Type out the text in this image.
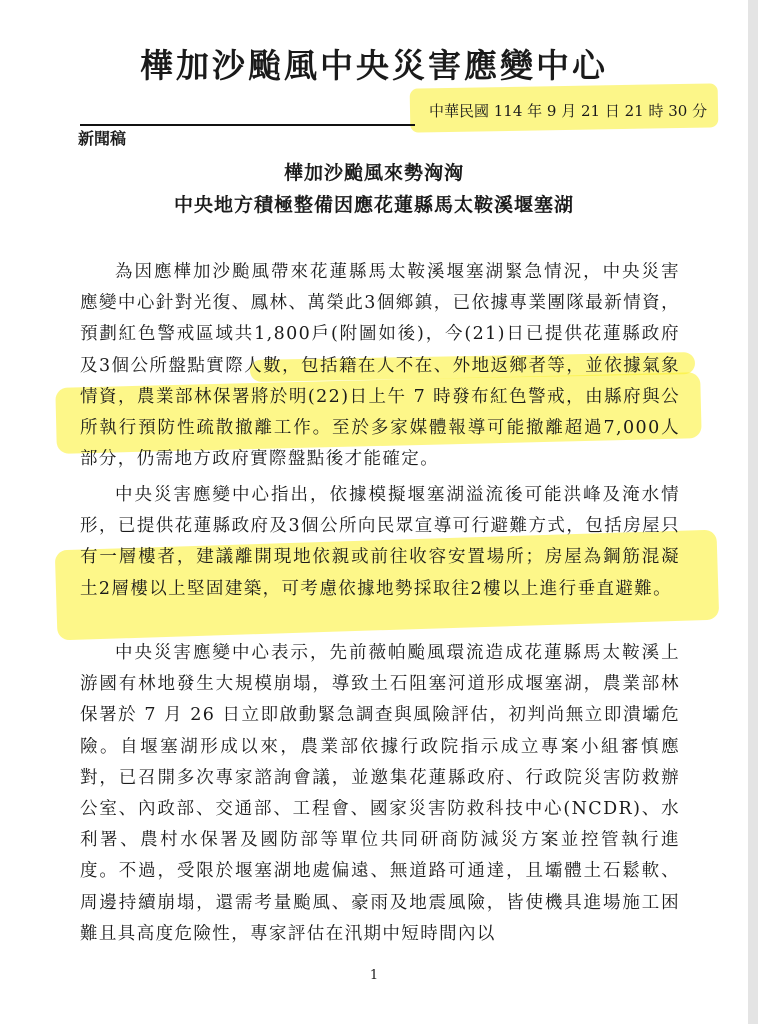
樺加沙颱風中央災害應變中心
中華民國 114 年 9 月 21 日 21 時 30 分
新聞稿
樺加沙颱風來勢洶洶
中央地方積極整備因應花蓮縣馬太鞍溪堰塞湖

為因應樺加沙颱風帶來花蓮縣馬太鞍溪堰塞湖緊急情況，中央災害應變中心針對光復、鳳林、萬榮此3個鄉鎮，已依據專業團隊最新情資，預劃紅色警戒區域共1,800戶(附圖如後)，今(21)日已提供花蓮縣政府及3個公所盤點實際人數，包括籍在人不在、外地返鄉者等，並依據氣象情資，農業部林保署將於明(22)日上午 7 時發布紅色警戒，由縣府與公所執行預防性疏散撤離工作。至於多家媒體報導可能撤離超過7,000人部分，仍需地方政府實際盤點後才能確定。

中央災害應變中心指出，依據模擬堰塞湖溢流後可能洪峰及淹水情形，已提供花蓮縣政府及3個公所向民眾宣導可行避難方式，包括房屋只有一層樓者，建議離開現地依親或前往收容安置場所；房屋為鋼筋混凝土2層樓以上堅固建築，可考慮依據地勢採取往2樓以上進行垂直避難。

中央災害應變中心表示，先前薇帕颱風環流造成花蓮縣馬太鞍溪上游國有林地發生大規模崩塌，導致土石阻塞河道形成堰塞湖，農業部林保署於 7 月 26 日立即啟動緊急調查與風險評估，初判尚無立即潰壩危險。自堰塞湖形成以來，農業部依據行政院指示成立專案小組審慎應對，已召開多次專家諮詢會議，並邀集花蓮縣政府、行政院災害防救辦公室、內政部、交通部、工程會、國家災害防救科技中心(NCDR)、水利署、農村水保署及國防部等單位共同研商防減災方案並控管執行進度。不過，受限於堰塞湖地處偏遠、無道路可通達，且壩體土石鬆軟、周邊持續崩塌，還需考量颱風、豪雨及地震風險，皆使機具進場施工困難且具高度危險性，專家評估在汛期中短時間內以

1
